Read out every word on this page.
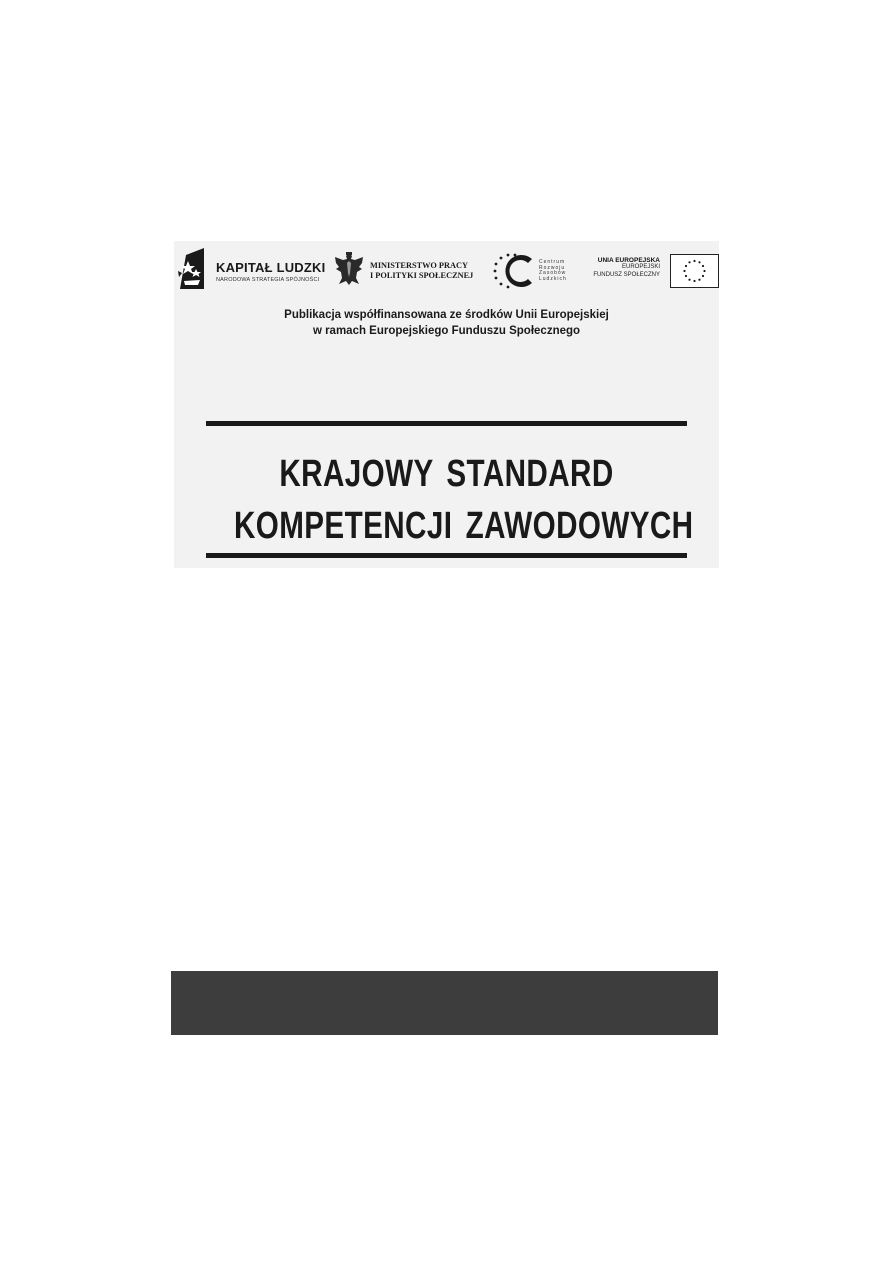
KAPITAŁ LUDZKI
NARODOWA STRATEGIA SPÓJNOŚCI
MINISTERSTWO PRACY
I POLITYKI SPOŁECZNEJ
Centrum
Rozwoju
Zasobów
Ludzkich
UNIA EUROPEJSKA
EUROPEJSKI
FUNDUSZ SPOŁECZNY
Publikacja współfinansowana ze środków Unii Europejskiej
w ramach Europejskiego Funduszu Społecznego
KRAJOWY STANDARD
KOMPETENCJI ZAWODOWYCH
